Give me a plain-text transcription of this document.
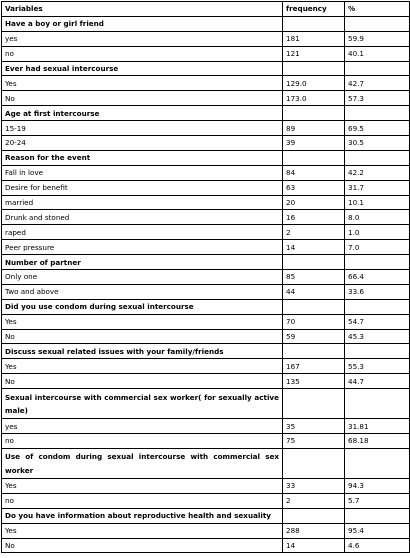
Variables	frequency	%
Have a boy or girl friend		
yes	181	59.9
no	121	40.1
Ever had sexual intercourse		
Yes	129.0	42.7
No	173.0	57.3
Age at first intercourse		
15-19	89	69.5
20-24	39	30.5
Reason for the event		
Fall in love	84	42.2
Desire for benefit	63	31.7
married	20	10.1
Drunk and stoned	16	8.0
raped	2	1.0
Peer pressure	14	7.0
Number of partner		
Only one	85	66.4
Two and above	44	33.6
Did you use condom during sexual intercourse		
Yes	70	54.7
No	59	45.3
Discuss sexual related issues with your family/friends		
Yes	167	55.3
No	135	44.7
Sexual intercourse with commercial sex worker( for sexually active male)		
yes	35	31.81
no	75	68.18
Use of condom during sexual intercourse with commercial sex worker		
Yes	33	94.3
no	2	5.7
Do you have information about reproductive health and sexuality		
Yes	288	95.4
No	14	4.6
